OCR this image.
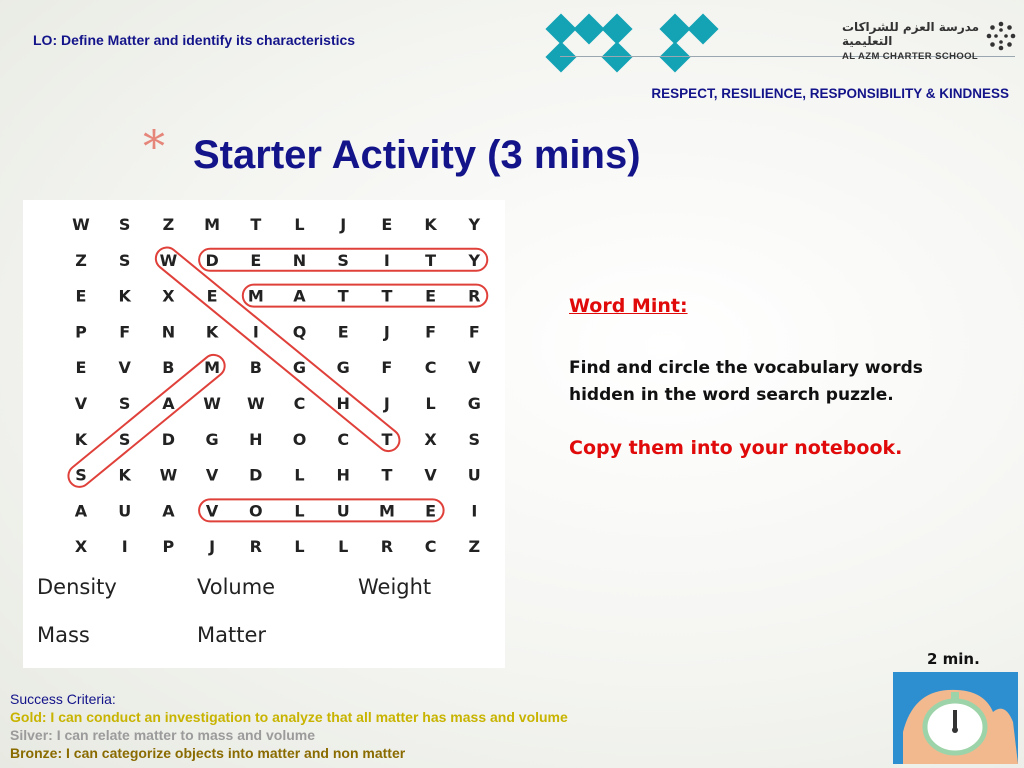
LO: Define Matter and identify its characteristics
مدرسة العزم للشراكات التعليمية
AL AZM CHARTER SCHOOL
RESPECT, RESILIENCE, RESPONSIBILITY & KINDNESS
* Starter Activity (3 mins)
W S Z M T L J E K Y
Z S W D E N S I T Y
E K X E M A T T E R
P F N K I Q E J F F
E V B M B G G F C V
V S A W W C H J L G
K S D G H O C T X S
S K W V D L H T V U
A U A V O L U M E I
X I P J R L L R C Z
Density	Volume	Weight
Mass	Matter
Word Mint:
Find and circle the vocabulary words hidden in the word search puzzle.
Copy them into your notebook.
2 min.
Success Criteria:
Gold: I can conduct an investigation to analyze that all matter has mass and volume
Silver: I can relate matter to mass and volume
Bronze: I can categorize objects into matter and non matter
